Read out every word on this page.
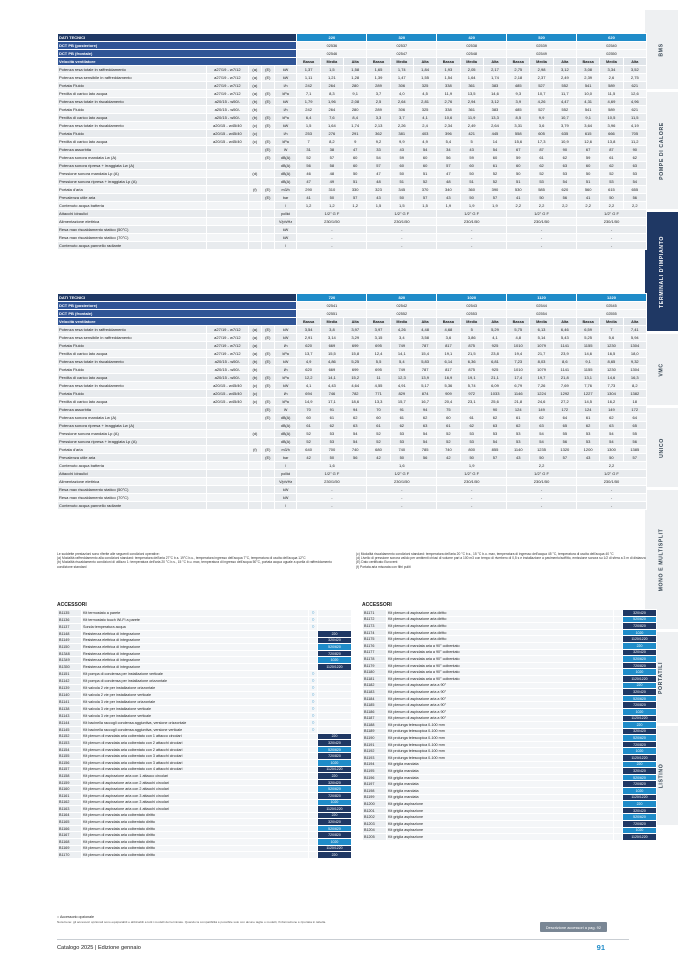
BMS
POMPE DI CALORE
TERMINALI D'IMPIANTO
VMC
UNICO
MONO E MULTISPLIT
PORTATILI
LISTINO
DATI TECNICI					220			320			420			520			620		
DCT PB (posteriore)					02536			02537			02538			02539			02540		
DCT PB (frontale)					02546			02547			02548			02549			02550		
Velocità ventilatore					Bassa	Media	Alta	Bassa	Media	Alta	Bassa	Media	Alta	Bassa	Media	Alta	Bassa	Media	Alta
Potenza resa totale in raffreddamento	a27/19 - w7/12	(a)	(E)	kW	1,37	1,5	1,58	1,65	1,74	1,84	1,93	2,05	2,17	2,75	2,98	3,12	3,08	3,34	3,52
Potenza resa sensibile in raffreddamento	a27/19 - w7/12	(a)	(E)	kW	1,11	1,21	1,28	1,39	1,47	1,55	1,54	1,64	1,74	2,18	2,37	2,49	2,39	2,6	2,75
Portata Fluido	a27/19 - w7/12	(a)		l/h	242	264	280	289	306	325	338	361	383	485	527	552	541	589	621
Perdita di carico lato acqua	a27/19 - w7/12	(a)	(E)	kPa	7,1	8,3	9,1	3,7	4,0	4,5	11,9	13,5	14,6	9,3	10,7	11,7	10,0	11,5	12,6
Potenza resa totale in riscaldamento	a20/15 - w50/-	(b)	(E)	kW	1,79	1,96	2,08	2,5	2,64	2,81	2,76	2,94	3,12	3,9	4,26	4,47	4,31	4,69	4,96
Portata Fluido	a20/15 - w50/-	(b)		l/h	242	264	280	289	306	325	338	361	383	485	527	552	541	589	621
Perdita di carico lato acqua	a20/15 - w50/-	(b)	(E)	kPa	6,4	7,6	8,4	3,3	3,7	4,1	10,6	11,9	13,3	8,5	9,9	10,7	9,1	10,5	11,5
Potenza resa totale in riscaldamento	a20/15 - w45/40	(c)	(E)	kW	1,5	1,64	1,74	2,13	2,26	2,4	2,34	2,49	2,64	3,31	3,6	3,79	3,64	3,96	4,19
Portata Fluido	a20/15 - w45/40	(c)		l/h	253	276	291	362	381	403	396	421	445	558	605	635	615	666	705
Perdita di carico lato acqua	a20/15 - w45/40	(c)	(E)	kPa	7	8,2	9	9,2	9,9	4,9	5,4	5	14	15,6	17,3	10,9	12,6	13,8	11,2
Potenza assorbita			(E)	W	31	38	47	33	43	54	34	43	54	67	87	90	67	87	90
Potenza sonora mandata Lw (A)			(E)	dB(A)	52	57	60	54	59	60	56	59	60	59	61	62	59	61	62
Potenza sonora ripresa + irraggiata Lw (A)				dB(A)	56	58	60	57	60	60	57	60	61	60	62	63	60	62	63
Pressione sonora mandata Lp (A)		(d)		dB(A)	46	48	50	47	50	51	47	50	52	50	52	53	50	52	53
Pressione sonora ripresa + irraggiata Lp (A)				dB(A)	47	49	51	48	51	52	48	51	52	51	53	54	51	53	54
Portata d'aria		(f)	(E)	m3/h	290	310	330	323	345	370	340	360	390	530	585	620	560	615	655
Prevalenza utile aria			(E)	bar	41	50	57	43	50	57	43	50	57	41	50	56	41	50	56
Contenuto acqua batteria				l	1,2	1,2	1,2	1,5	1,5	1,5	1,9	1,9	1,9	2,2	2,2	2,2	2,2	2,2	2,2
Attacchi idraulici				pollici	1/2" G F			1/2" G F			1/2" G F			1/2" G F			1/2" G F		
Alimentazione elettrica				V/ph/Hz	230/1/50			230/1/50			230/1/50			230/1/50			230/1/50		
Resa max riscaldamento statico (50°C)				kW	-			-			-			-			-		
Resa max riscaldamento statico (70°C)				kW	-			-			-			-			-		
Contenuto acqua pannello radiante				l	-			-			-			-			-		
DATI TECNICI					720			820			1020			1120			1220		
DCT PB (posteriore)					02541			02542			02543			02544			02545		
DCT PB (frontale)					02551			02552			02553			02554			02555		
Velocità ventilatore					Bassa	Media	Alta	Bassa	Media	Alta	Bassa	Media	Alta	Bassa	Media	Alta	Bassa	Media	Alta
Potenza resa totale in raffreddamento	a27/19 - w7/12	(a)	(E)	kW	3,54	3,8	3,97	3,97	4,26	4,48	4,68	5	5,29	5,75	6,13	6,46	6,59	7	7,41
Potenza resa sensibile in raffreddamento	a27/19 - w7/12	(a)	(E)	kW	2,91	3,14	3,29	3,15	3,4	3,58	3,6	3,86	4,1	4,8	5,14	5,43	5,25	5,6	5,94
Portata Fluido	a27/19 - w7/12	(a)		l/h	620	669	699	695	749	787	817	875	925	1010	1079	1141	1155	1230	1304
Perdita di carico lato acqua	a27/19 - w7/12	(a)	(E)	kPa	13,7	15,5	15,8	12,4	14,1	15,4	19,1	21,5	23,8	19,4	21,7	23,9	14,6	16,5	18,0
Potenza resa totale in riscaldamento	a20/15 - w50/-	(b)	(E)	kW	4,9	4,86	5,25	5,5	5,4	5,83	6,14	6,36	6,81	7,23	8,03	8,6	9,1	8,65	9,32
Portata Fluido	a20/15 - w50/-	(b)		l/h	620	669	699	695	749	787	817	875	925	1010	1079	1141	1155	1230	1304
Perdita di carico lato acqua	a20/15 - w50/-	(b)	(E)	kPa	12,2	14,1	15,2	11	12,3	13,9	16,9	19,1	21,1	17,4	19,7	21,8	13,1	14,6	16,3
Potenza resa totale in riscaldamento	a20/15 - w45/40	(c)	(E)	kW	4,1	4,43	4,64	4,55	4,91	5,17	5,36	5,74	6,09	6,79	7,26	7,69	7,76	7,73	8,2
Portata Fluido	a20/15 - w45/40	(c)		l/h	694	746	782	771	829	874	909	972	1033	1146	1224	1292	1227	1304	1382
Perdita di carico lato acqua	a20/15 - w45/40	(c)	(E)	kPa	14,9	17,1	18,6	13,3	15,7	16,7	20,4	23,1	25,6	21,8	24,6	27,2	14,5	16,2	18
Potenza assorbita			(E)	W	70	91	94	70	91	94	75		90	124	149	172	124	149	172
Potenza sonora mandata Lw (A)			(E)	dB(A)	60	61	62	60	61	62	60	61	62	61	62	64	61	62	64
Potenza sonora ripresa + irraggiata Lw (A)				dB(A)	61	62	63	61	62	63	61	62	63	62	63	65	62	63	65
Pressione sonora mandata Lp (A)		(d)		dB(A)	52	53	54	52	53	54	52	53	53	53	54	55	53	54	55
Pressione sonora ripresa + irraggiata Lp (A)				dB(A)	52	53	54	52	53	54	52	53	54	53	54	56	53	54	56
Portata d'aria		(f)	(E)	m3/h	640	700	740	680	740	785	740	800	855	1140	1235	1320	1200	1300	1385
Prevalenza utile aria			(E)	bar	42	50	56	42	50	56	42	50	57	43	50	57	43	50	57
Contenuto acqua batteria				l	1,6			1,6			1,9			2,2			2,2		
Attacchi idraulici				pollici	1/2" G F			1/2" G F			1/2" G F			1/2" G F			1/2" G F		
Alimentazione elettrica				V/ph/Hz	230/1/50			230/1/50			230/1/50			230/1/50			230/1/50		
Resa max riscaldamento statico (50°C)				kW	-			-			-			-			-		
Resa max riscaldamento statico (70°C)				kW	-			-			-			-			-		
Contenuto acqua pannello radiante				l	-			-			-			-			-		
Le suddette prestazioni sono riferite alle seguenti condizioni operative:
(a) Modalità raffreddamento alla condizioni standard: temperatura dell'aria 27°C b.s. 19°C b.u., temperatura ingresso dell'acqua 7°C, temperatura di uscita dell'acqua 12°C
(b) Modalità riscaldamento condizioni di utilizzo 1: temperatura dell'aria 20 °C b.s., 15 °C b.u. max, temperatura di ingresso dell'acqua 50°C, portata acqua uguale a quella di raffreddamento condizione standard
(c) Modalità riscaldamento condizioni standard: temperatura dell'aria 20 °C b.s., 15 °C b.u. max, temperatura di ingresso dell'acqua 45 °C, temperatura di uscita dell'acqua 40 °C
(d) Livello di pressione sonora valido per ambienti chiusi di volume pari a 100 m3 con tempo di riverbero di 0,5 s e installazione a pavimento/soffitto, emissione sonora su 1/2 di sfera a 3 m di distanza
(E) Dato certificato Eurovent
(f) Portata aria misurata con filtri puliti
ACCESSORI
B1135	Kit termostato a parete	○	-
B1136	Kit termostato touch Wi-Fi a parete	○	-
B1137	Sonda temperatura acqua	○	-
B1148	Resistenza elettrica di integrazione		220
B1149	Resistenza elettrica di integrazione		320/420
B1150	Resistenza elettrica di integrazione		520/620
B1348	Resistenza elettrica di integrazione		720/820
B1349	Resistenza elettrica di integrazione		1020
B1350	Resistenza elettrica di integrazione		1120/1220
B1151	Kit pompa di condensa per installazione verticale	○	-
B1142	Kit pompa di condensa per installazione orizzontale	○	-
B1139	Kit valvola 2 vie per installazione orizzontale	○	-
B1140	Kit valvola 2 vie per installazione verticale	○	-
B1141	Kit valvola 3 vie per installazione orizzontale	○	-
B1138	Kit valvola 3 vie per installazione verticale	○	-
B1143	Kit valvola 3 vie per installazione verticale	○	-
B1144	Kit bacinella raccogli condensa aggiuntiva, versione orizzontale	○	-
B1145	Kit bacinella raccogli condensa aggiuntiva, versione verticale	○	-
B1152	Kit plenum di mandata aria coibentato con 1 attacco circolari		220
B1153	Kit plenum di mandata aria coibentato con 2 attacchi circolari		320/420
B1154	Kit plenum di mandata aria coibentato con 2 attacchi circolari		520/620
B1155	Kit plenum di mandata aria coibentato con 3 attacchi circolari		720/820
B1156	Kit plenum di mandata aria coibentato con 3 attacchi circolari		1020
B1157	Kit plenum di mandata aria coibentato con 4 attacchi circolari		1120/1220
B1158	Kit plenum di aspirazione aria con 1 attacco circolari		220
B1159	Kit plenum di aspirazione aria con 2 attacchi circolari		320/420
B1160	Kit plenum di aspirazione aria con 2 attacchi circolari		520/620
B1161	Kit plenum di aspirazione aria con 3 attacchi circolari		720/820
B1162	Kit plenum di aspirazione aria con 3 attacchi circolari		1020
B1163	Kit plenum di aspirazione aria con 4 attacchi circolari		1120/1220
B1164	Kit plenum di mandata aria coibentato diritto		220
B1165	Kit plenum di mandata aria coibentato diritto		320/420
B1166	Kit plenum di mandata aria coibentato diritto		520/620
B1167	Kit plenum di mandata aria coibentato diritto		720/820
B1168	Kit plenum di mandata aria coibentato diritto		1020
B1169	Kit plenum di mandata aria coibentato diritto		1120/1220
B1170	Kit plenum di mandata aria coibentato diritto		220
ACCESSORI
B1171	Kit plenum di aspirazione aria diritto		320/420
B1172	Kit plenum di aspirazione aria diritto		520/620
B1173	Kit plenum di aspirazione aria diritto		720/820
B1174	Kit plenum di aspirazione aria diritto		1020
B1175	Kit plenum di aspirazione aria diritto		1120/1220
B1176	Kit plenum di mandata aria a 90° coibentato		220
B1177	Kit plenum di mandata aria a 90° coibentato		320/420
B1178	Kit plenum di mandata aria a 90° coibentato		520/620
B1179	Kit plenum di mandata aria a 90° coibentato		720/820
B1180	Kit plenum di mandata aria a 90° coibentato		1020
B1181	Kit plenum di mandata aria a 90° coibentato		1120/1220
B1182	Kit plenum di aspirazione aria a 90°		220
B1183	Kit plenum di aspirazione aria a 90°		320/420
B1184	Kit plenum di aspirazione aria a 90°		520/620
B1185	Kit plenum di aspirazione aria a 90°		720/820
B1186	Kit plenum di aspirazione aria a 90°		1020
B1187	Kit plenum di aspirazione aria a 90°		1120/1220
B1188	Kit prolunga telescopica 0-100 mm		220
B1189	Kit prolunga telescopica 0-100 mm		320/420
B1190	Kit prolunga telescopica 0-100 mm		520/620
B1191	Kit prolunga telescopica 0-100 mm		720/820
B1192	Kit prolunga telescopica 0-100 mm		1020
B1193	Kit prolunga telescopica 0-100 mm		1120/1220
B1194	Kit griglia mandata		220
B1195	Kit griglia mandata		320/420
B1196	Kit griglia mandata		520/620
B1197	Kit griglia mandata		720/820
B1198	Kit griglia mandata		1020
B1199	Kit griglia mandata		1120/1220
B1200	Kit griglia aspirazione		220
B1201	Kit griglia aspirazione		320/420
B1202	Kit griglia aspirazione		520/620
B1203	Kit griglia aspirazione		720/820
B1204	Kit griglia aspirazione		1020
B1205	Kit griglia aspirazione		1120/1220
○ Accessorio opzionale
Nota bene: gli accessori opzionali sono equiparabili e abbinabili a tutti i modelli del terminale. Quando la compatibilità è possibile solo con alcune taglie o modelli, l'informazione è riportata in tabella.
Descrizione accessori a pag. 92
Catalogo 2025 | Edizione gennaio	91
